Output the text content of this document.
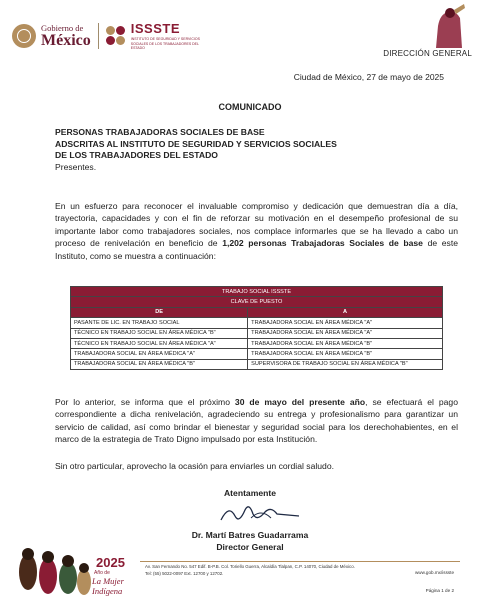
Gobierno de
México
ISSSTE
INSTITUTO DE SEGURIDAD Y SERVICIOS SOCIALES DE LOS TRABAJADORES DEL ESTADO
DIRECCIÓN GENERAL
Ciudad de México, 27 de mayo de 2025
COMUNICADO
PERSONAS TRABAJADORAS SOCIALES DE BASE
ADSCRITAS AL INSTITUTO DE SEGURIDAD Y SERVICIOS SOCIALES
DE LOS TRABAJADORES DEL ESTADO
Presentes.
En un esfuerzo para reconocer el invaluable compromiso y dedicación que demuestran día a día, trayectoria, capacidades y con el fin de reforzar su motivación en el desempeño profesional de su importante labor como trabajadores sociales, nos complace informarles que se ha llevado a cabo un proceso de renivelación en beneficio de 1,202 personas Trabajadoras Sociales de base de este Instituto, como se muestra a continuación:
TRABAJO SOCIAL ISSSTE	
CLAVE DE PUESTO	
DE	A
PASANTE DE LIC. EN TRABAJO SOCIAL	TRABAJADORA SOCIAL EN ÁREA MÉDICA "A"
TÉCNICO EN TRABAJO SOCIAL EN ÁREA MÉDICA "B"	TRABAJADORA SOCIAL EN ÁREA MÉDICA "A"
TÉCNICO EN TRABAJO SOCIAL EN ÁREA MÉDICA "A"	TRABAJADORA SOCIAL EN ÁREA MÉDICA "B"
TRABAJADORA SOCIAL EN ÁREA MÉDICA "A"	TRABAJADORA SOCIAL EN ÁREA MÉDICA "B"
TRABAJADORA SOCIAL EN ÁREA MÉDICA "B"	SUPERVISORA DE TRABAJO SOCIAL EN ÁREA MÉDICA "B"
Por lo anterior, se informa que el próximo 30 de mayo del presente año, se efectuará el pago correspondiente a dicha renivelación, agradeciendo su entrega y profesionalismo para garantizar un servicio de calidad, así como brindar el bienestar y seguridad social para los derechohabientes, en el marco de la estrategia de Trato Digno impulsado por esta Institución.
Sin otro particular, aprovecho la ocasión para enviarles un cordial saludo.
Atentamente
Dr. Martí Batres Guadarrama
Director General
2025
Año de
La Mujer
Indígena
Av. San Fernando No. 547 Edif. B-P.B. Col. Toriello Guerra, Alcaldía Tlalpan, C.P. 14070, Ciudad de México.
Tel: (55) 5022-0097 Ext. 12700 y 12702.	www.gob.mx/issste
Página 1 de 2
